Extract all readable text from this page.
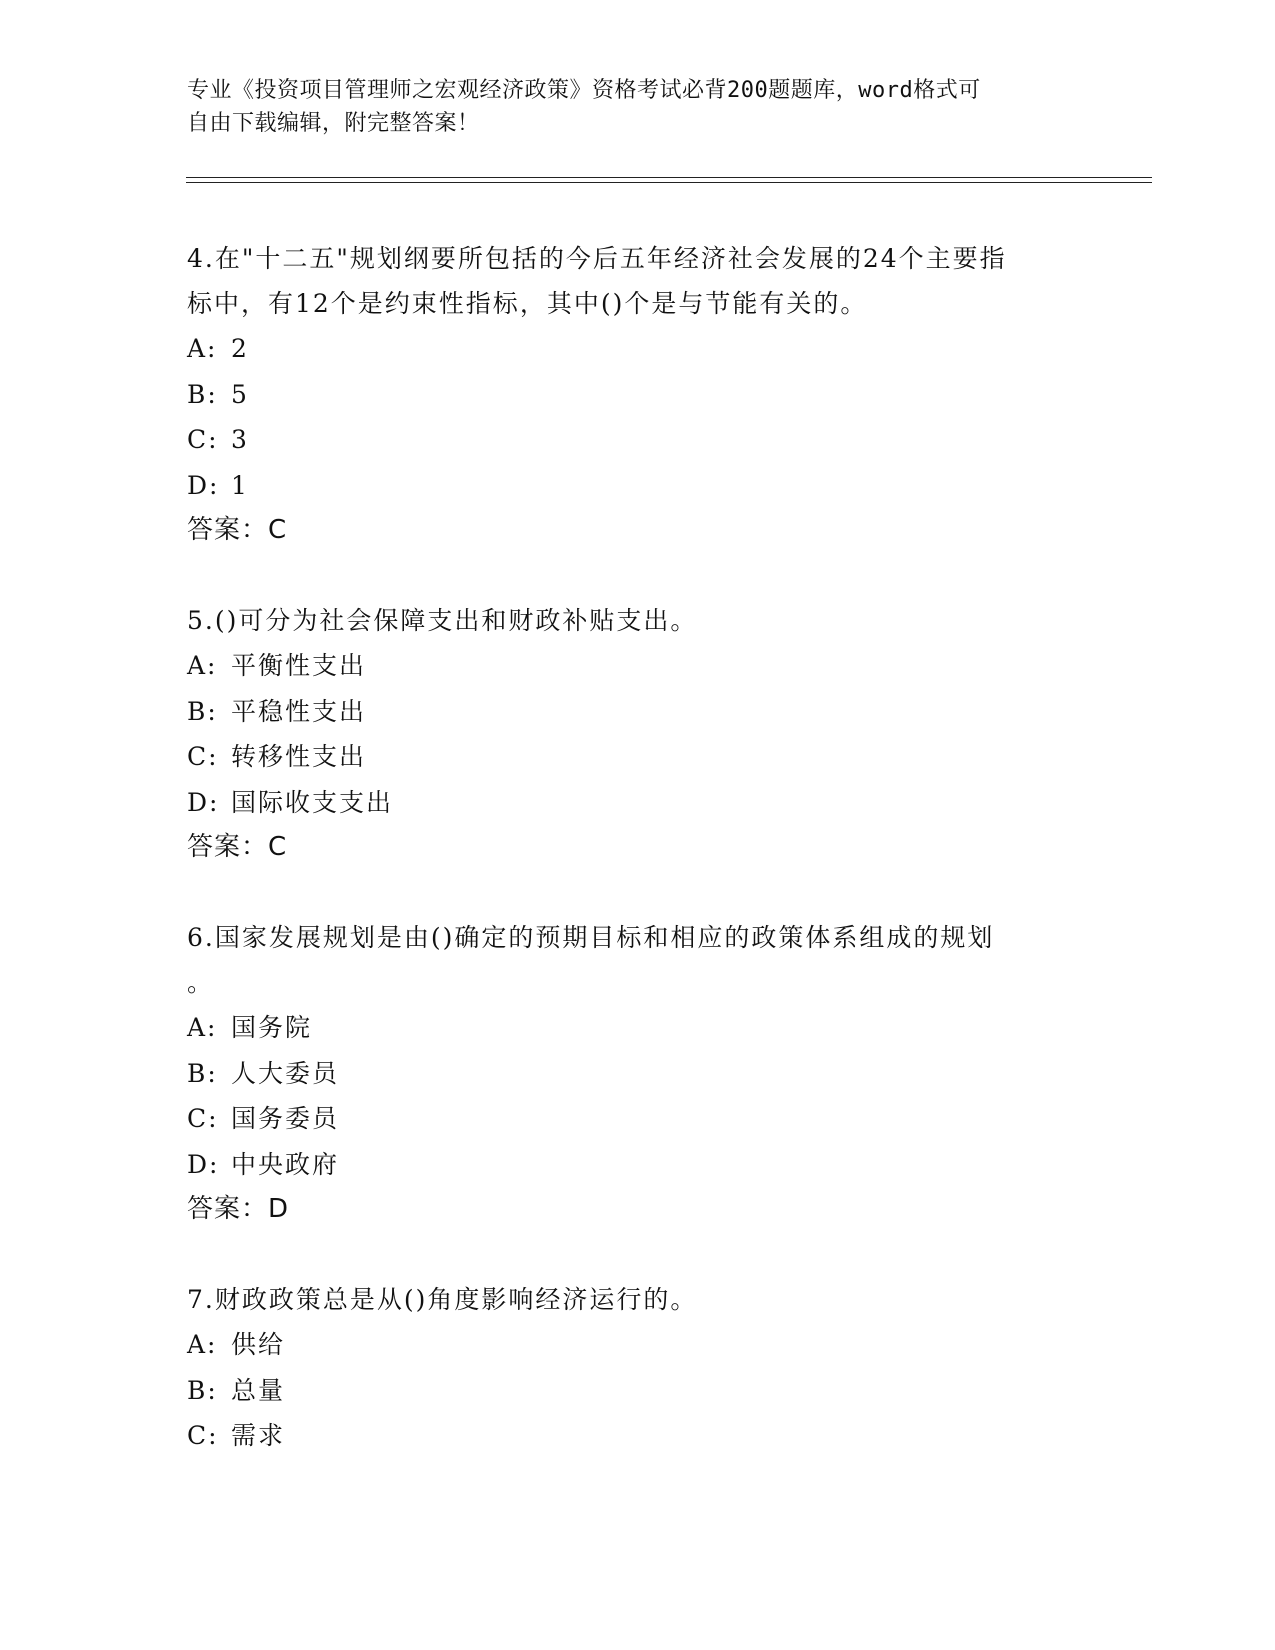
专业《投资项目管理师之宏观经济政策》资格考试必背200题题库，word格式可
自由下载编辑，附完整答案！
4.在"十二五"规划纲要所包括的今后五年经济社会发展的24个主要指
标中，有12个是约束性指标，其中()个是与节能有关的。
A: 2
B: 5
C: 3
D: 1
答案：C
5.()可分为社会保障支出和财政补贴支出。
A: 平衡性支出
B: 平稳性支出
C: 转移性支出
D: 国际收支支出
答案：C
6.国家发展规划是由()确定的预期目标和相应的政策体系组成的规划
。
A: 国务院
B: 人大委员
C: 国务委员
D: 中央政府
答案：D
7.财政政策总是从()角度影响经济运行的。
A: 供给
B: 总量
C: 需求
